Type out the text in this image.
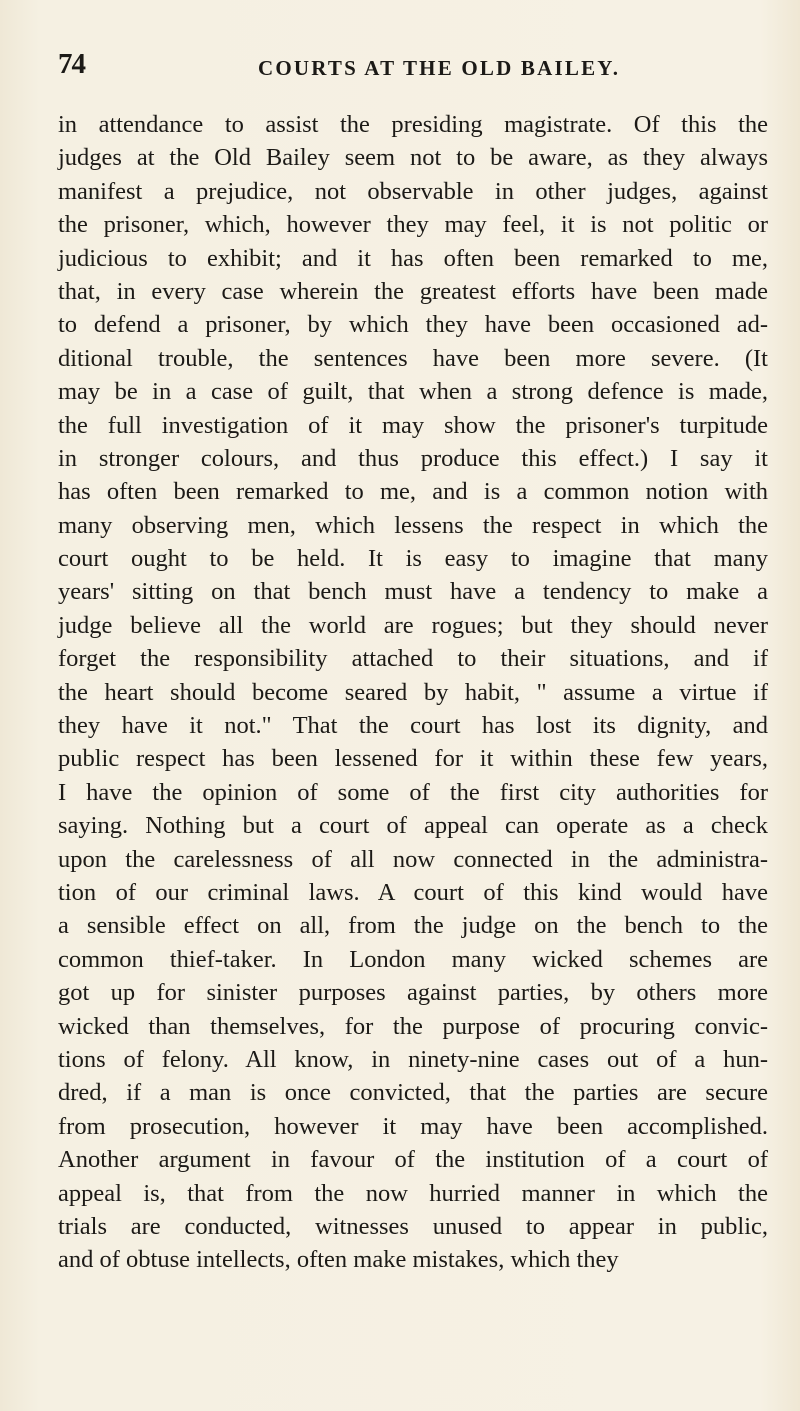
74	COURTS AT THE OLD BAILEY.
in attendance to assist the presiding magistrate. Of this the
judges at the Old Bailey seem not to be aware, as they always
manifest a prejudice, not observable in other judges, against
the prisoner, which, however they may feel, it is not politic or
judicious to exhibit; and it has often been remarked to me,
that, in every case wherein the greatest efforts have been made
to defend a prisoner, by which they have been occasioned ad-
ditional trouble, the sentences have been more severe. (It
may be in a case of guilt, that when a strong defence is made,
the full investigation of it may show the prisoner's turpitude
in stronger colours, and thus produce this effect.) I say it
has often been remarked to me, and is a common notion with
many observing men, which lessens the respect in which the
court ought to be held. It is easy to imagine that many
years' sitting on that bench must have a tendency to make a
judge believe all the world are rogues; but they should never
forget the responsibility attached to their situations, and if
the heart should become seared by habit, " assume a virtue if
they have it not." That the court has lost its dignity, and
public respect has been lessened for it within these few years,
I have the opinion of some of the first city authorities for
saying. Nothing but a court of appeal can operate as a check
upon the carelessness of all now connected in the administra-
tion of our criminal laws. A court of this kind would have
a sensible effect on all, from the judge on the bench to the
common thief-taker. In London many wicked schemes are
got up for sinister purposes against parties, by others more
wicked than themselves, for the purpose of procuring convic-
tions of felony. All know, in ninety-nine cases out of a hun-
dred, if a man is once convicted, that the parties are secure
from prosecution, however it may have been accomplished.
Another argument in favour of the institution of a court of
appeal is, that from the now hurried manner in which the
trials are conducted, witnesses unused to appear in public,
and of obtuse intellects, often make mistakes, which they
